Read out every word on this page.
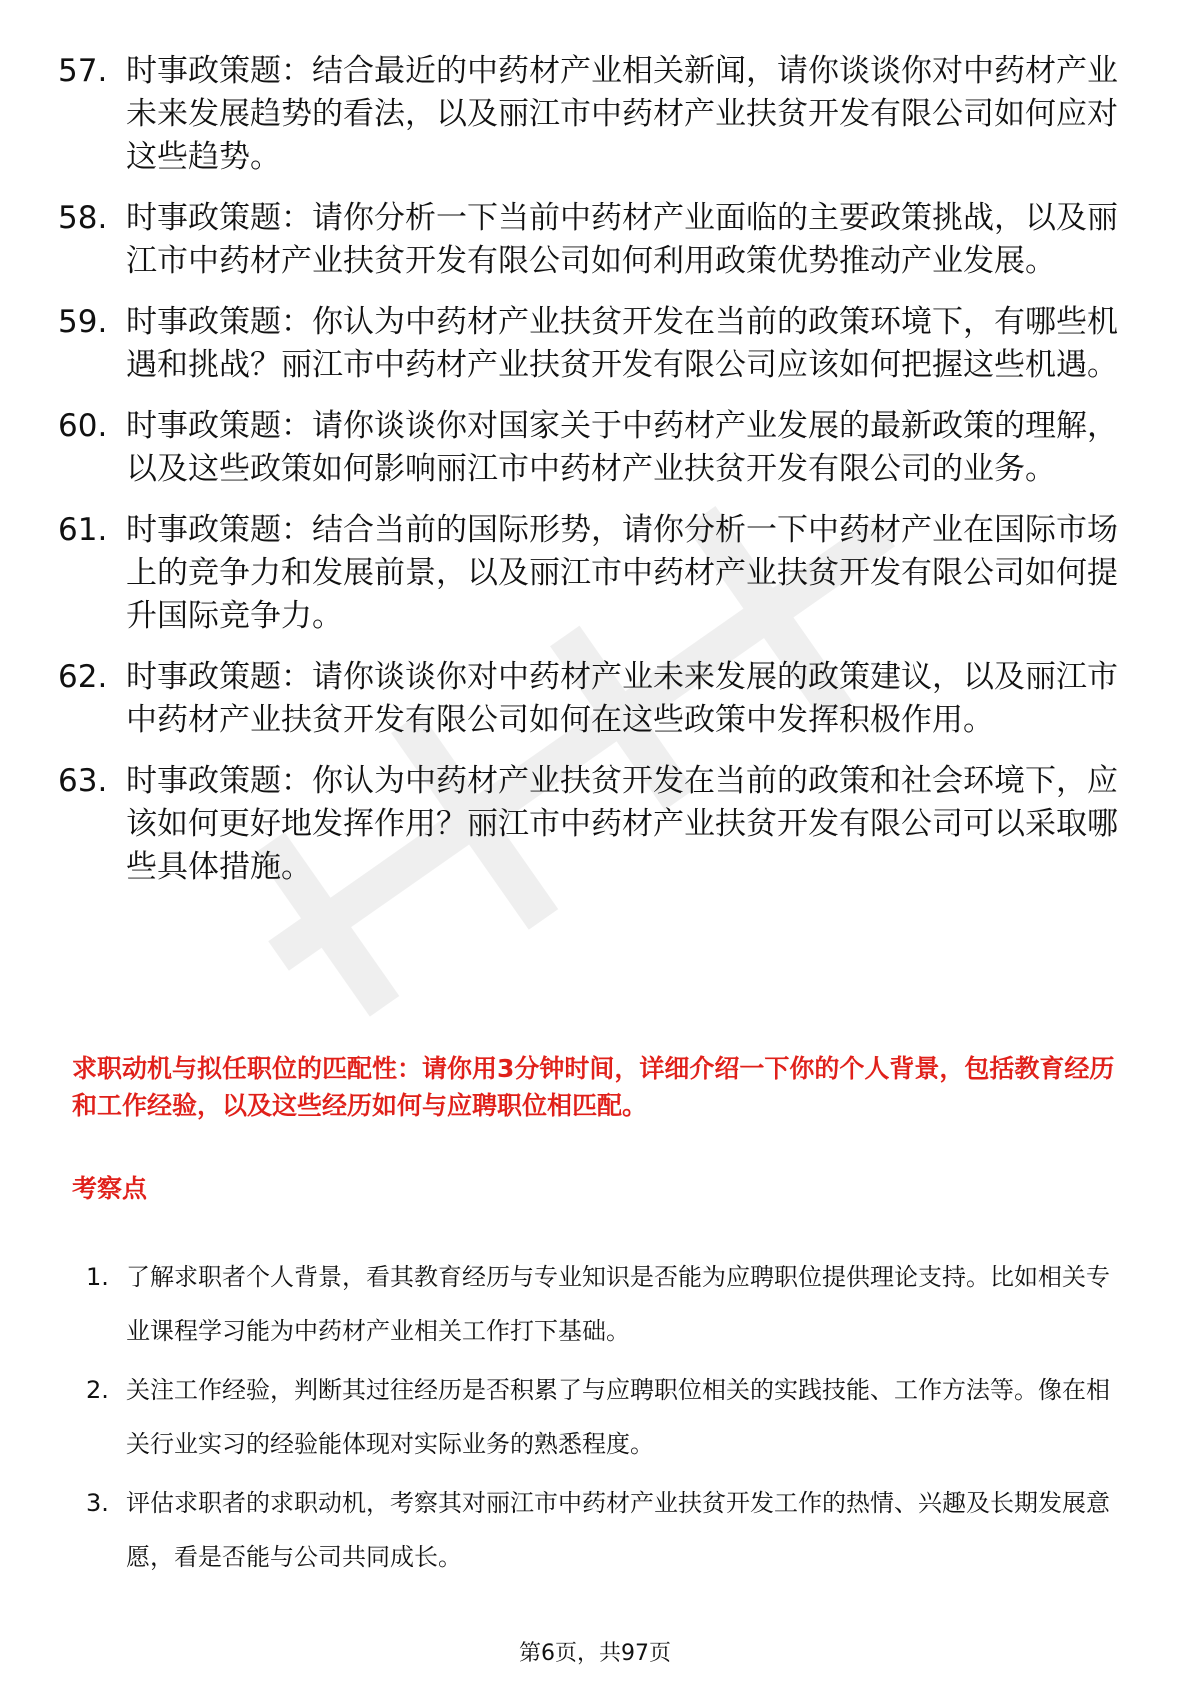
57. 时事政策题：结合最近的中药材产业相关新闻，请你谈谈你对中药材产业未来发展趋势的看法，以及丽江市中药材产业扶贫开发有限公司如何应对这些趋势。
58. 时事政策题：请你分析一下当前中药材产业面临的主要政策挑战，以及丽江市中药材产业扶贫开发有限公司如何利用政策优势推动产业发展。
59. 时事政策题：你认为中药材产业扶贫开发在当前的政策环境下，有哪些机遇和挑战？丽江市中药材产业扶贫开发有限公司应该如何把握这些机遇。
60. 时事政策题：请你谈谈你对国家关于中药材产业发展的最新政策的理解，以及这些政策如何影响丽江市中药材产业扶贫开发有限公司的业务。
61. 时事政策题：结合当前的国际形势，请你分析一下中药材产业在国际市场上的竞争力和发展前景，以及丽江市中药材产业扶贫开发有限公司如何提升国际竞争力。
62. 时事政策题：请你谈谈你对中药材产业未来发展的政策建议，以及丽江市中药材产业扶贫开发有限公司如何在这些政策中发挥积极作用。
63. 时事政策题：你认为中药材产业扶贫开发在当前的政策和社会环境下，应该如何更好地发挥作用？丽江市中药材产业扶贫开发有限公司可以采取哪些具体措施。
求职动机与拟任职位的匹配性：请你用3分钟时间，详细介绍一下你的个人背景，包括教育经历和工作经验，以及这些经历如何与应聘职位相匹配。
考察点
1. 了解求职者个人背景，看其教育经历与专业知识是否能为应聘职位提供理论支持。比如相关专业课程学习能为中药材产业相关工作打下基础。
2. 关注工作经验，判断其过往经历是否积累了与应聘职位相关的实践技能、工作方法等。像在相关行业实习的经验能体现对实际业务的熟悉程度。
3. 评估求职者的求职动机，考察其对丽江市中药材产业扶贫开发工作的热情、兴趣及长期发展意愿，看是否能与公司共同成长。
第6页，共97页
